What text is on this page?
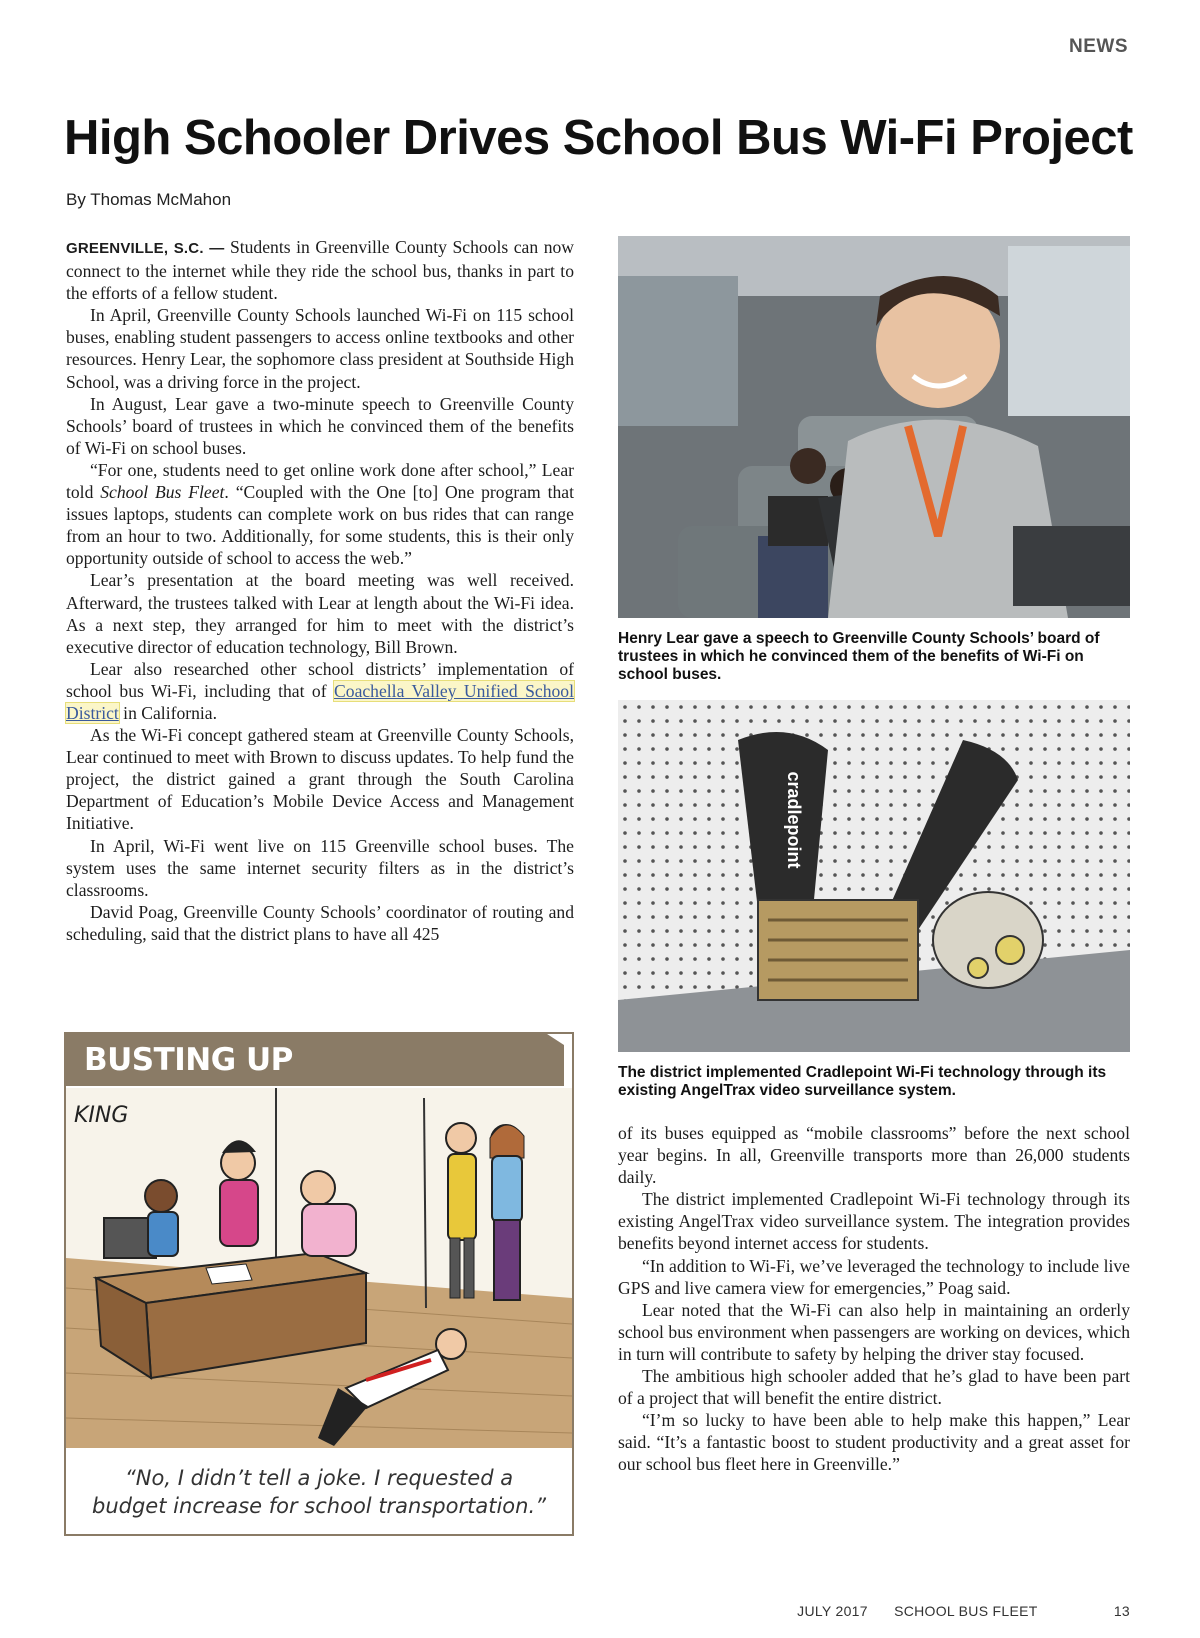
NEWS
High Schooler Drives School Bus Wi-Fi Project
By Thomas McMahon

GREENVILLE, S.C. — Students in Greenville County Schools can now connect to the internet while they ride the school bus, thanks in part to the efforts of a fellow student.

In April, Greenville County Schools launched Wi-Fi on 115 school buses, enabling student passengers to access online textbooks and other resources. Henry Lear, the sophomore class president at Southside High School, was a driving force in the project.

In August, Lear gave a two-minute speech to Greenville County Schools’ board of trustees in which he convinced them of the benefits of Wi-Fi on school buses.

“For one, students need to get online work done after school,” Lear told School Bus Fleet. “Coupled with the One [to] One program that issues laptops, students can complete work on bus rides that can range from an hour to two. Additionally, for some students, this is their only opportunity outside of school to access the web.”

Lear’s presentation at the board meeting was well received. Afterward, the trustees talked with Lear at length about the Wi-Fi idea. As a next step, they arranged for him to meet with the district’s executive director of education technology, Bill Brown.

Lear also researched other school districts’ implementation of school bus Wi-Fi, including that of Coachella Valley Unified School District in California.

As the Wi-Fi concept gathered steam at Greenville County Schools, Lear continued to meet with Brown to discuss updates. To help fund the project, the district gained a grant through the South Carolina Department of Education’s Mobile Device Access and Management Initiative.

In April, Wi-Fi went live on 115 Greenville school buses. The system uses the same internet security filters as in the district’s classrooms.

David Poag, Greenville County Schools’ coordinator of routing and scheduling, said that the district plans to have all 425

BUSTING UP
KING
“No, I didn’t tell a joke. I requested a
budget increase for school transportation.”
Henry Lear gave a speech to Greenville County Schools’ board of trustees in which he convinced them of the benefits of Wi-Fi on school buses.
cradlepoint
The district implemented Cradlepoint Wi-Fi technology through its existing AngelTrax video surveillance system.

of its buses equipped as “mobile classrooms” before the next school year begins. In all, Greenville transports more than 26,000 students daily.

The district implemented Cradlepoint Wi-Fi technology through its existing AngelTrax video surveillance system. The integration provides benefits beyond internet access for students.

“In addition to Wi-Fi, we’ve leveraged the technology to include live GPS and live camera view for emergencies,” Poag said.

Lear noted that the Wi-Fi can also help in maintaining an orderly school bus environment when passengers are working on devices, which in turn will contribute to safety by helping the driver stay focused.

The ambitious high schooler added that he’s glad to have been part of a project that will benefit the entire district.

“I’m so lucky to have been able to help make this happen,” Lear said. “It’s a fantastic boost to student productivity and a great asset for our school bus fleet here in Greenville.”

JULY 2017 SCHOOL BUS FLEET	13
